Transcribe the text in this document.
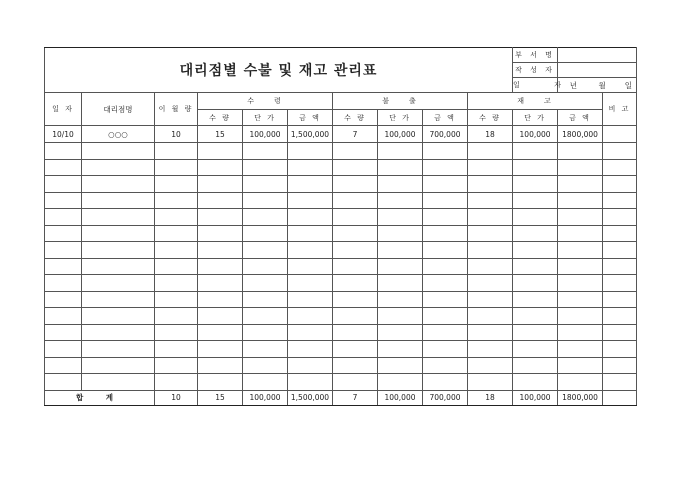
대리점별 수불 및 재고 관리표										부 서 명		
										작 성 자		
										일 자	년 월 일	
일 자	대리점명	이 월 량	수　　령			불　　출			재　　고			비 고
			수 량	단 가	금 액	수 량	단 가	금 액	수 량	단 가	금 액	
10/10	○○○	10	15	100,000	1,500,000	7	100,000	700,000	18	100,000	1800,000	

합 계		10	15	100,000	1,500,000	7	100,000	700,000	18	100,000	1800,000	
